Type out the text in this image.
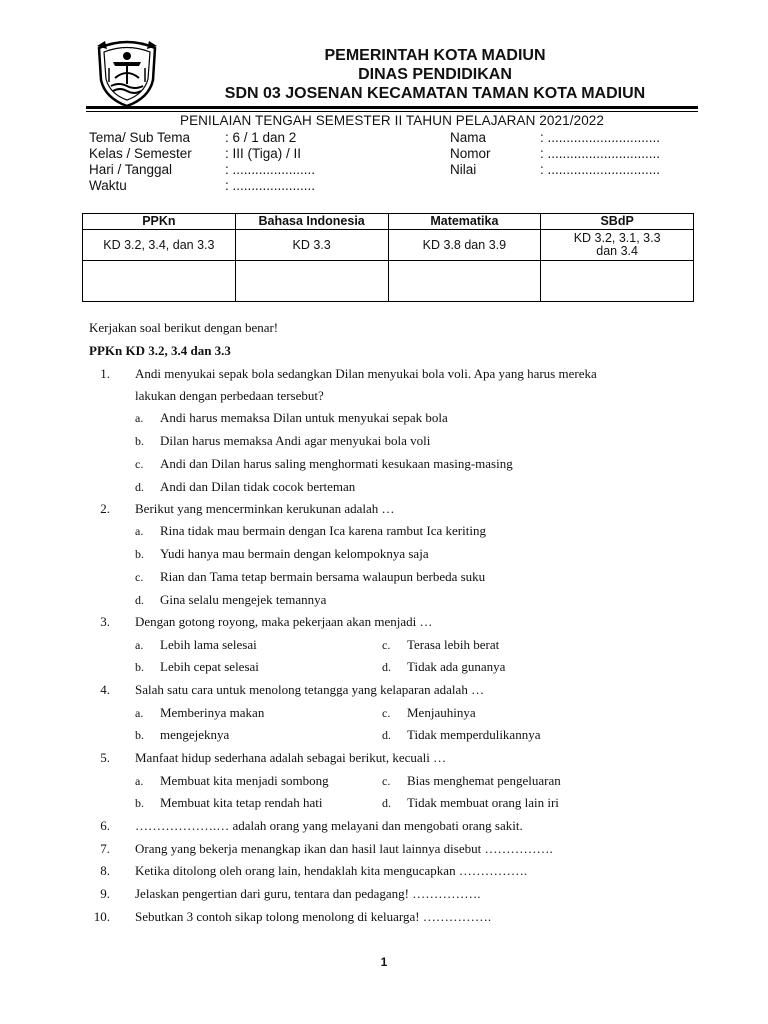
PEMERINTAH KOTA MADIUN
DINAS PENDIDIKAN
SDN 03 JOSENAN KECAMATAN TAMAN KOTA MADIUN
PENILAIAN TENGAH SEMESTER II TAHUN PELAJARAN 2021/2022
Tema/ Sub Tema	: 6 / 1 dan 2
Kelas / Semester : III (Tiga) / II
Hari / Tanggal	: ......................
Waktu	: ......................
Nama	: ..............................
Nomor	: ..............................
Nilai	: ..............................
PPKn	Bahasa Indonesia	Matematika	SBdP
KD 3.2, 3.4, dan 3.3	KD 3.3	KD 3.8 dan 3.9	KD 3.2, 3.1, 3.3
dan 3.4

Kerjakan soal berikut dengan benar!
PPKn KD 3.2, 3.4 dan 3.3
1. Andi menyukai sepak bola sedangkan Dilan menyukai bola voli. Apa yang harus mereka
lakukan dengan perbedaan tersebut?
a. Andi harus memaksa Dilan untuk menyukai sepak bola
b. Dilan harus memaksa Andi agar menyukai bola voli
c. Andi dan Dilan harus saling menghormati kesukaan masing-masing
d. Andi dan Dilan tidak cocok berteman
2. Berikut yang mencerminkan kerukunan adalah …
a. Rina tidak mau bermain dengan Ica karena rambut Ica keriting
b. Yudi hanya mau bermain dengan kelompoknya saja
c. Rian dan Tama tetap bermain bersama walaupun berbeda suku
d. Gina selalu mengejek temannya
3. Dengan gotong royong, maka pekerjaan akan menjadi …
a. Lebih lama selesai	c. Terasa lebih berat
b. Lebih cepat selesai	d. Tidak ada gunanya
4. Salah satu cara untuk menolong tetangga yang kelaparan adalah …
a. Memberinya makan	c. Menjauhinya
b. mengejeknya	d. Tidak memperdulikannya
5. Manfaat hidup sederhana adalah sebagai berikut, kecuali …
a. Membuat kita menjadi sombong	c. Bias menghemat pengeluaran
b. Membuat kita tetap rendah hati	d. Tidak membuat orang lain iri
6. ……………….… adalah orang yang melayani dan mengobati orang sakit.
7. Orang yang bekerja menangkap ikan dan hasil laut lainnya disebut …………….
8. Ketika ditolong oleh orang lain, hendaklah kita mengucapkan …………….
9. Jelaskan pengertian dari guru, tentara dan pedagang! …………….
10. Sebutkan 3 contoh sikap tolong menolong di keluarga! …………….
1
